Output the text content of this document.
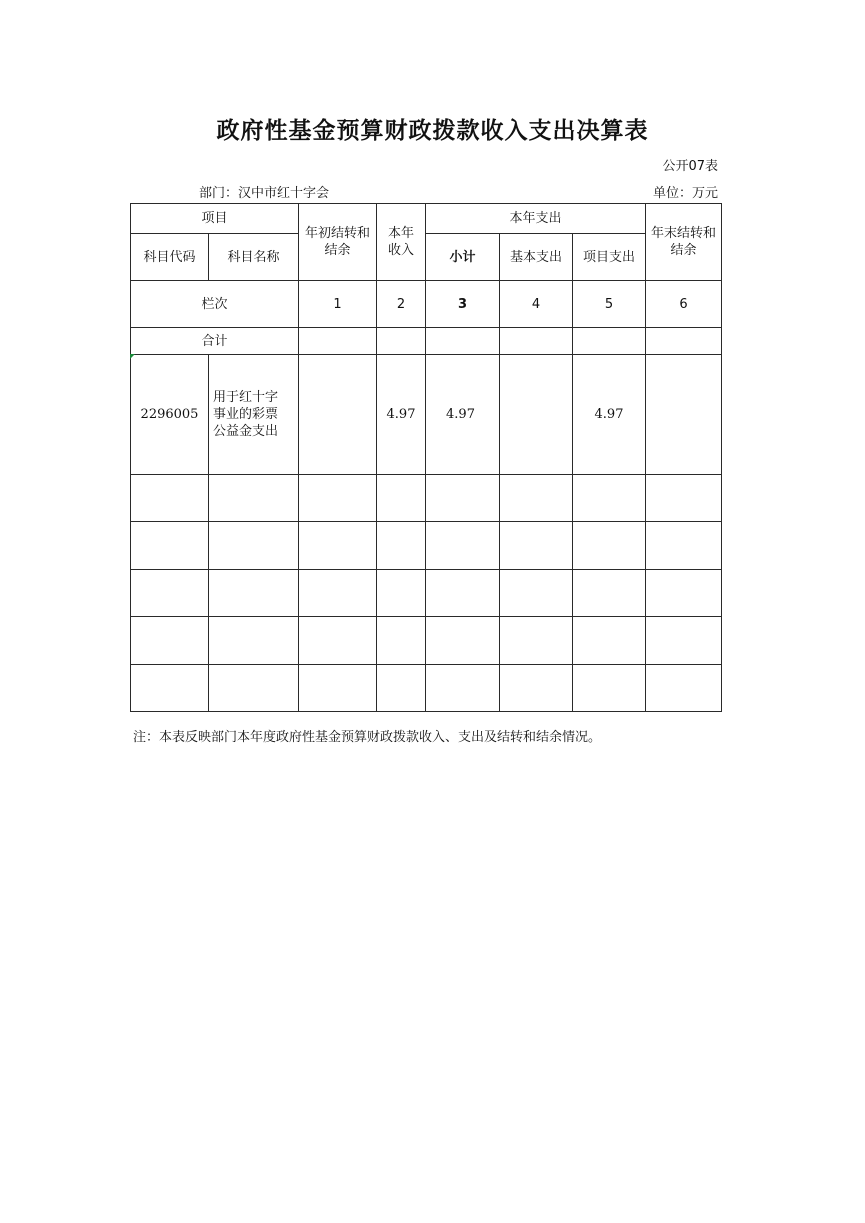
政府性基金预算财政拨款收入支出决算表
公开07表
部门：汉中市红十字会	单位：万元
项目		年初结转和结余	本年收入	本年支出			年末结转和结余
科目代码	科目名称			小计	基本支出	项目支出	
栏次		1	2	3	4	5	6
合计							
2296005	用于红十字
事业的彩票
公益金支出		4.97	4.97		4.97	

注：本表反映部门本年度政府性基金预算财政拨款收入、支出及结转和结余情况。
